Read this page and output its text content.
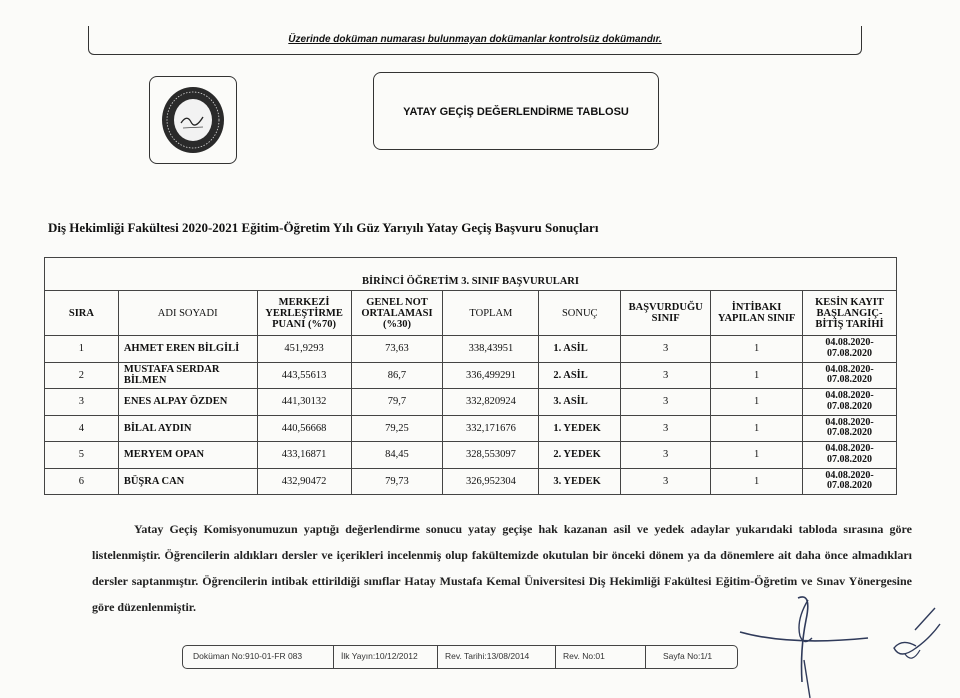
Üzerinde doküman numarası bulunmayan dokümanlar kontrolsüz dokümandır.
YATAY GEÇİŞ DEĞERLENDİRME TABLOSU
Diş Hekimliği Fakültesi 2020-2021 Eğitim-Öğretim Yılı Güz Yarıyılı Yatay Geçiş Başvuru Sonuçları
BİRİNCİ ÖĞRETİM 3. SINIF BAŞVURULARI								
SIRA	ADI SOYADI	MERKEZİ YERLEŞTİRME PUANI (%70)	GENEL NOT ORTALAMASI (%30)	TOPLAM	SONUÇ	BAŞVURDUĞU SINIF	İNTİBAKI YAPILAN SINIF	KESİN KAYIT BAŞLANGIÇ-BİTİŞ TARİHİ
1	AHMET EREN BİLGİLİ	451,9293	73,63	338,43951	1. ASİL	3	1	04.08.2020-07.08.2020
2	MUSTAFA SERDAR BİLMEN	443,55613	86,7	336,499291	2. ASİL	3	1	04.08.2020-07.08.2020
3	ENES ALPAY ÖZDEN	441,30132	79,7	332,820924	3. ASİL	3	1	04.08.2020-07.08.2020
4	BİLAL AYDIN	440,56668	79,25	332,171676	1. YEDEK	3	1	04.08.2020-07.08.2020
5	MERYEM OPAN	433,16871	84,45	328,553097	2. YEDEK	3	1	04.08.2020-07.08.2020
6	BÜŞRA CAN	432,90472	79,73	326,952304	3. YEDEK	3	1	04.08.2020-07.08.2020
Yatay Geçiş Komisyonumuzun yaptığı değerlendirme sonucu yatay geçişe hak kazanan asil ve yedek adaylar yukarıdaki tabloda sırasına göre listelenmiştir. Öğrencilerin aldıkları dersler ve içerikleri incelenmiş olup fakültemizde okutulan bir önceki dönem ya da dönemlere ait daha önce almadıkları dersler saptanmıştır. Öğrencilerin intibak ettirildiği sınıflar Hatay Mustafa Kemal Üniversitesi Diş Hekimliği Fakültesi Eğitim-Öğretim ve Sınav Yönergesine göre düzenlenmiştir.
Doküman No:910-01-FR 083	İlk Yayın:10/12/2012	Rev. Tarihi:13/08/2014	Rev. No:01	Sayfa No:1/1
